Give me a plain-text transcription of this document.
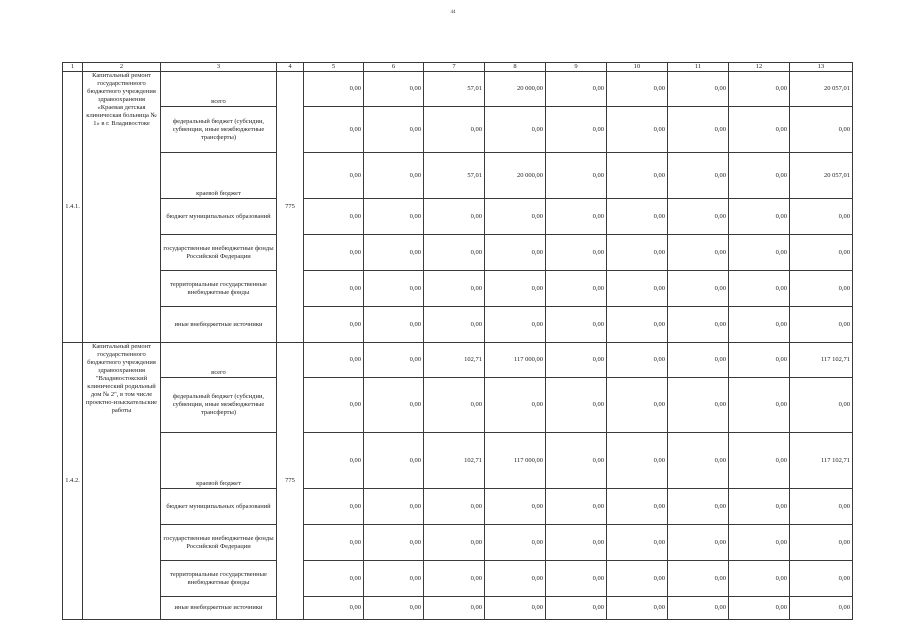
44
1	2	3	4	5	6	7	8	9	10	11	12	13
1.4.1.	Капитальный ремонт государственного бюджетного учреждения здравоохранения «Краевая детская клиническая больница № 1» в г. Владивостоке	всего	775	0,00	0,00	57,01	20 000,00	0,00	0,00	0,00	0,00	20 057,01
		федеральный бюджет (субсидии, субвенции, иные межбюджетные трансферты)		0,00	0,00	0,00	0,00	0,00	0,00	0,00	0,00	0,00
		краевой бюджет		0,00	0,00	57,01	20 000,00	0,00	0,00	0,00	0,00	20 057,01
		бюджет муниципальных образований		0,00	0,00	0,00	0,00	0,00	0,00	0,00	0,00	0,00
		государственные внебюджетные фонды Российской Федерации		0,00	0,00	0,00	0,00	0,00	0,00	0,00	0,00	0,00
		территориальные государственные внебюджетные фонды		0,00	0,00	0,00	0,00	0,00	0,00	0,00	0,00	0,00
		иные внебюджетные источники		0,00	0,00	0,00	0,00	0,00	0,00	0,00	0,00	0,00
1.4.2.	Капитальный ремонт государственного бюджетного учреждения здравоохранения "Владивостокский клинический родильный дом № 2", в том числе проектно-изыскательские работы	всего	775	0,00	0,00	102,71	117 000,00	0,00	0,00	0,00	0,00	117 102,71
		федеральный бюджет (субсидии, субвенции, иные межбюджетные трансферты)		0,00	0,00	0,00	0,00	0,00	0,00	0,00	0,00	0,00
		краевой бюджет		0,00	0,00	102,71	117 000,00	0,00	0,00	0,00	0,00	117 102,71
		бюджет муниципальных образований		0,00	0,00	0,00	0,00	0,00	0,00	0,00	0,00	0,00
		государственные внебюджетные фонды Российской Федерации		0,00	0,00	0,00	0,00	0,00	0,00	0,00	0,00	0,00
		территориальные государственные внебюджетные фонды		0,00	0,00	0,00	0,00	0,00	0,00	0,00	0,00	0,00
		иные внебюджетные источники		0,00	0,00	0,00	0,00	0,00	0,00	0,00	0,00	0,00
